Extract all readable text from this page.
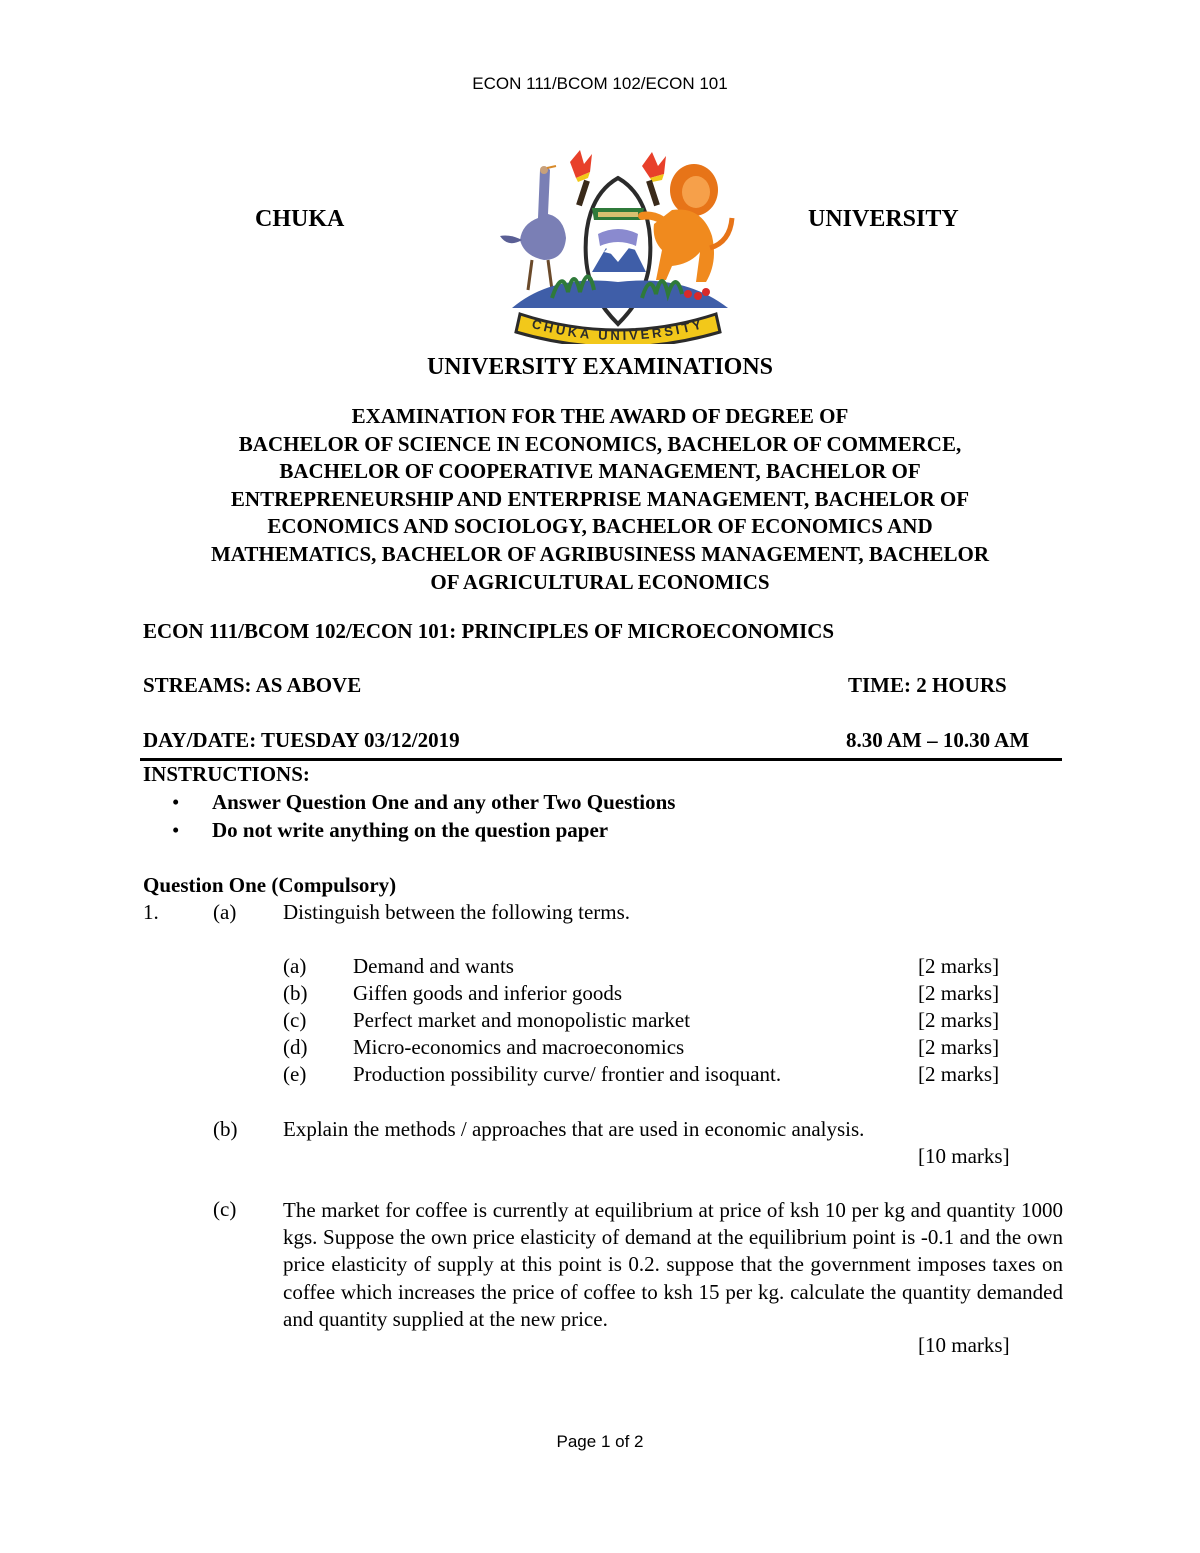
ECON 111/BCOM 102/ECON 101
CHUKA	UNIVERSITY
CHUKA UNIVERSITY
UNIVERSITY EXAMINATIONS
EXAMINATION FOR THE AWARD OF DEGREE OF
BACHELOR OF SCIENCE IN ECONOMICS, BACHELOR OF COMMERCE,
BACHELOR OF COOPERATIVE MANAGEMENT, BACHELOR OF
ENTREPRENEURSHIP AND ENTERPRISE MANAGEMENT, BACHELOR OF
ECONOMICS AND SOCIOLOGY, BACHELOR OF ECONOMICS AND
MATHEMATICS, BACHELOR OF AGRIBUSINESS MANAGEMENT, BACHELOR
OF AGRICULTURAL ECONOMICS
ECON 111/BCOM 102/ECON 101: PRINCIPLES OF MICROECONOMICS
STREAMS: AS ABOVE	TIME: 2 HOURS
DAY/DATE: TUESDAY 03/12/2019	8.30 AM – 10.30 AM
INSTRUCTIONS:
• Answer Question One and any other Two Questions
• Do not write anything on the question paper
Question One (Compulsory)
1.	(a) Distinguish between the following terms.
(a) Demand and wants	[2 marks]
(b) Giffen goods and inferior goods	[2 marks]
(c) Perfect market and monopolistic market	[2 marks]
(d) Micro-economics and macroeconomics	[2 marks]
(e) Production possibility curve/ frontier and isoquant.	[2 marks]
(b) Explain the methods / approaches that are used in economic analysis.
[10 marks]
(c) The market for coffee is currently at equilibrium at price of ksh 10 per kg and quantity 1000 kgs. Suppose the own price elasticity of demand at the equilibrium point is -0.1 and the own price elasticity of supply at this point is 0.2. suppose that the government imposes taxes on coffee which increases the price of coffee to ksh 15 per kg. calculate the quantity demanded and quantity supplied at the new price.
[10 marks]
Page 1 of 2
